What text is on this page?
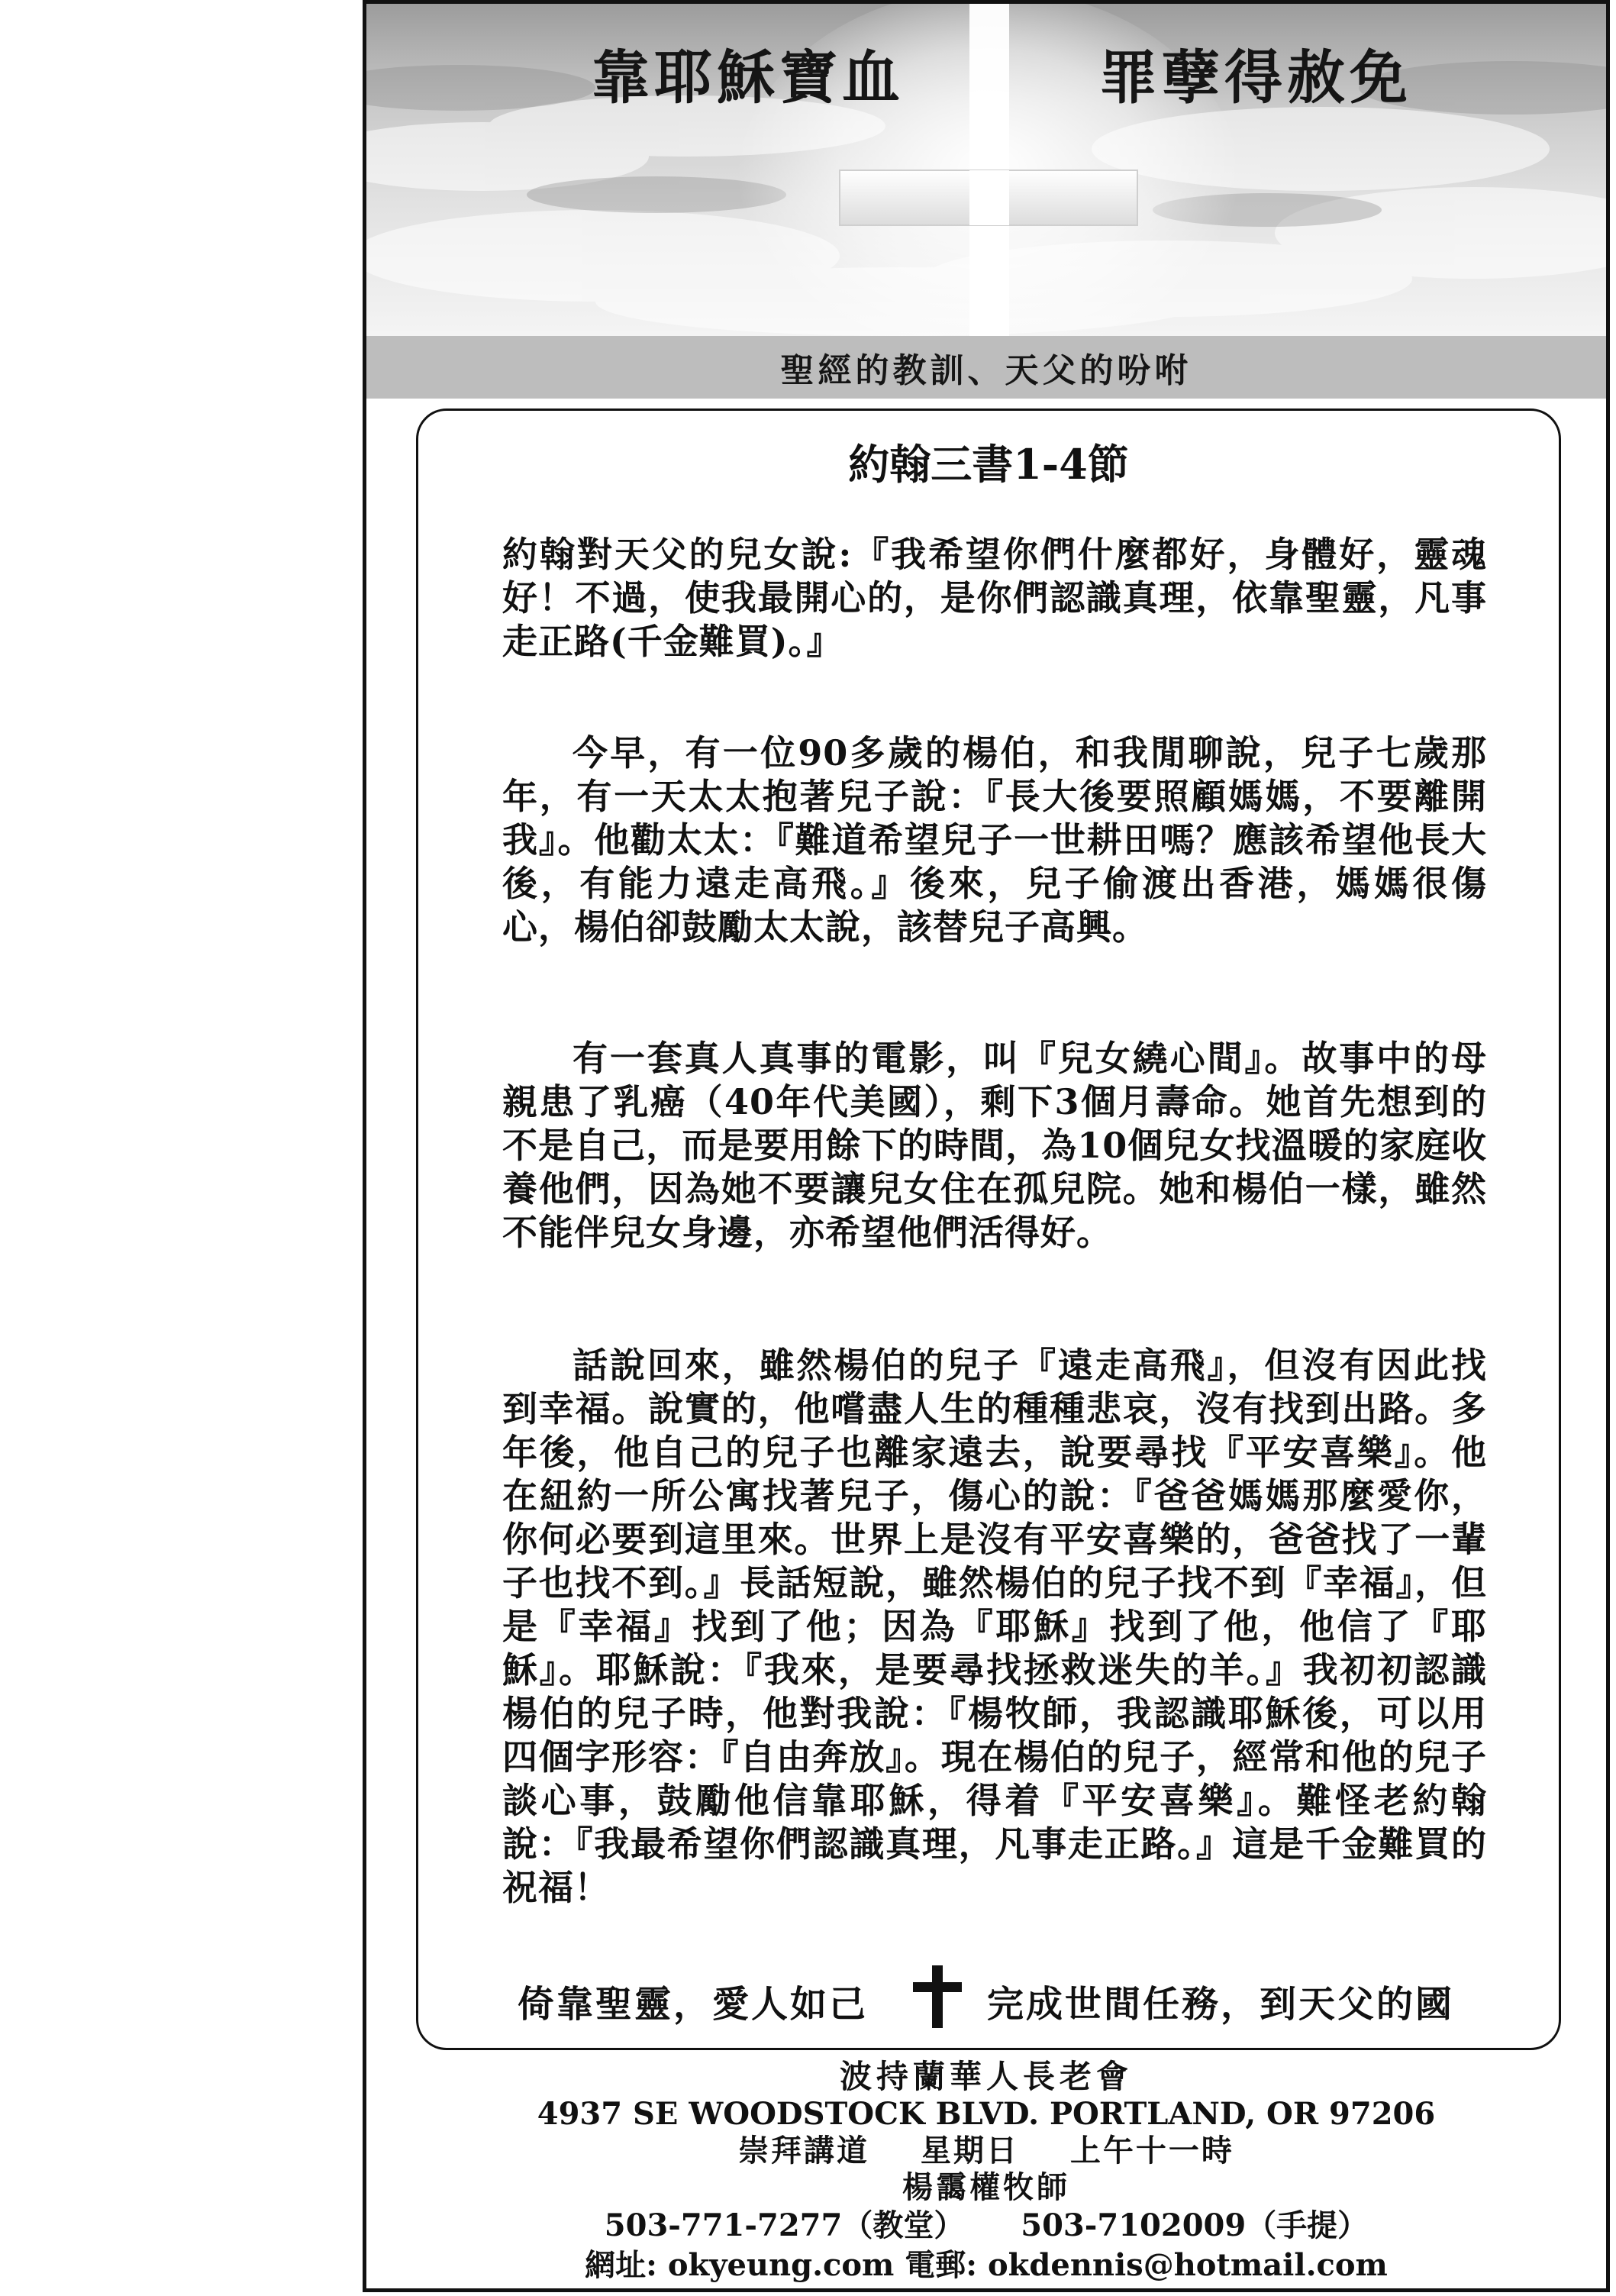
靠耶穌寶血	罪孽得赦免
聖經的教訓、天父的吩咐
約翰三書1-4節

約翰對天父的兒女說:『我希望你們什麼都好，身體好，靈魂好！不過，使我最開心的，是你們認識真理，依靠聖靈，凡事走正路(千金難買)。』

今早，有一位90多歲的楊伯，和我閒聊說，兒子七歲那年，有一天太太抱著兒子說：『長大後要照顧媽媽，不要離開我』。他勸太太：『難道希望兒子一世耕田嗎？應該希望他長大後，有能力遠走高飛。』後來，兒子偷渡出香港，媽媽很傷心，楊伯卻鼓勵太太說，該替兒子高興。

有一套真人真事的電影，叫『兒女繞心間』。故事中的母親患了乳癌（40年代美國），剩下3個月壽命。她首先想到的不是自己，而是要用餘下的時間，為10個兒女找溫暖的家庭收養他們，因為她不要讓兒女住在孤兒院。她和楊伯一樣，雖然不能伴兒女身邊，亦希望他們活得好。

話說回來，雖然楊伯的兒子『遠走高飛』，但沒有因此找到幸福。說實的，他嚐盡人生的種種悲哀，沒有找到出路。多年後，他自己的兒子也離家遠去，說要尋找『平安喜樂』。他在紐約一所公寓找著兒子，傷心的說：『爸爸媽媽那麼愛你，你何必要到這里來。世界上是沒有平安喜樂的，爸爸找了一輩子也找不到。』長話短說，雖然楊伯的兒子找不到『幸福』，但是『幸福』找到了他；因為『耶穌』找到了他，他信了『耶穌』。耶穌說：『我來，是要尋找拯救迷失的羊。』我初初認識楊伯的兒子時，他對我說：『楊牧師，我認識耶穌後，可以用四個字形容：『自由奔放』。現在楊伯的兒子，經常和他的兒子談心事，鼓勵他信靠耶穌，得着『平安喜樂』。難怪老約翰說：『我最希望你們認識真理，凡事走正路。』這是千金難買的祝福！

倚靠聖靈，愛人如己	完成世間任務，到天父的國
波持蘭華人長老會
4937 SE WOODSTOCK BLVD. PORTLAND, OR 97206
崇拜講道 星期日 上午十一時
楊靄權牧師
503-771-7277（教堂） 503-7102009（手提）
網址: okyeung.com 電郵: okdennis@hotmail.com
